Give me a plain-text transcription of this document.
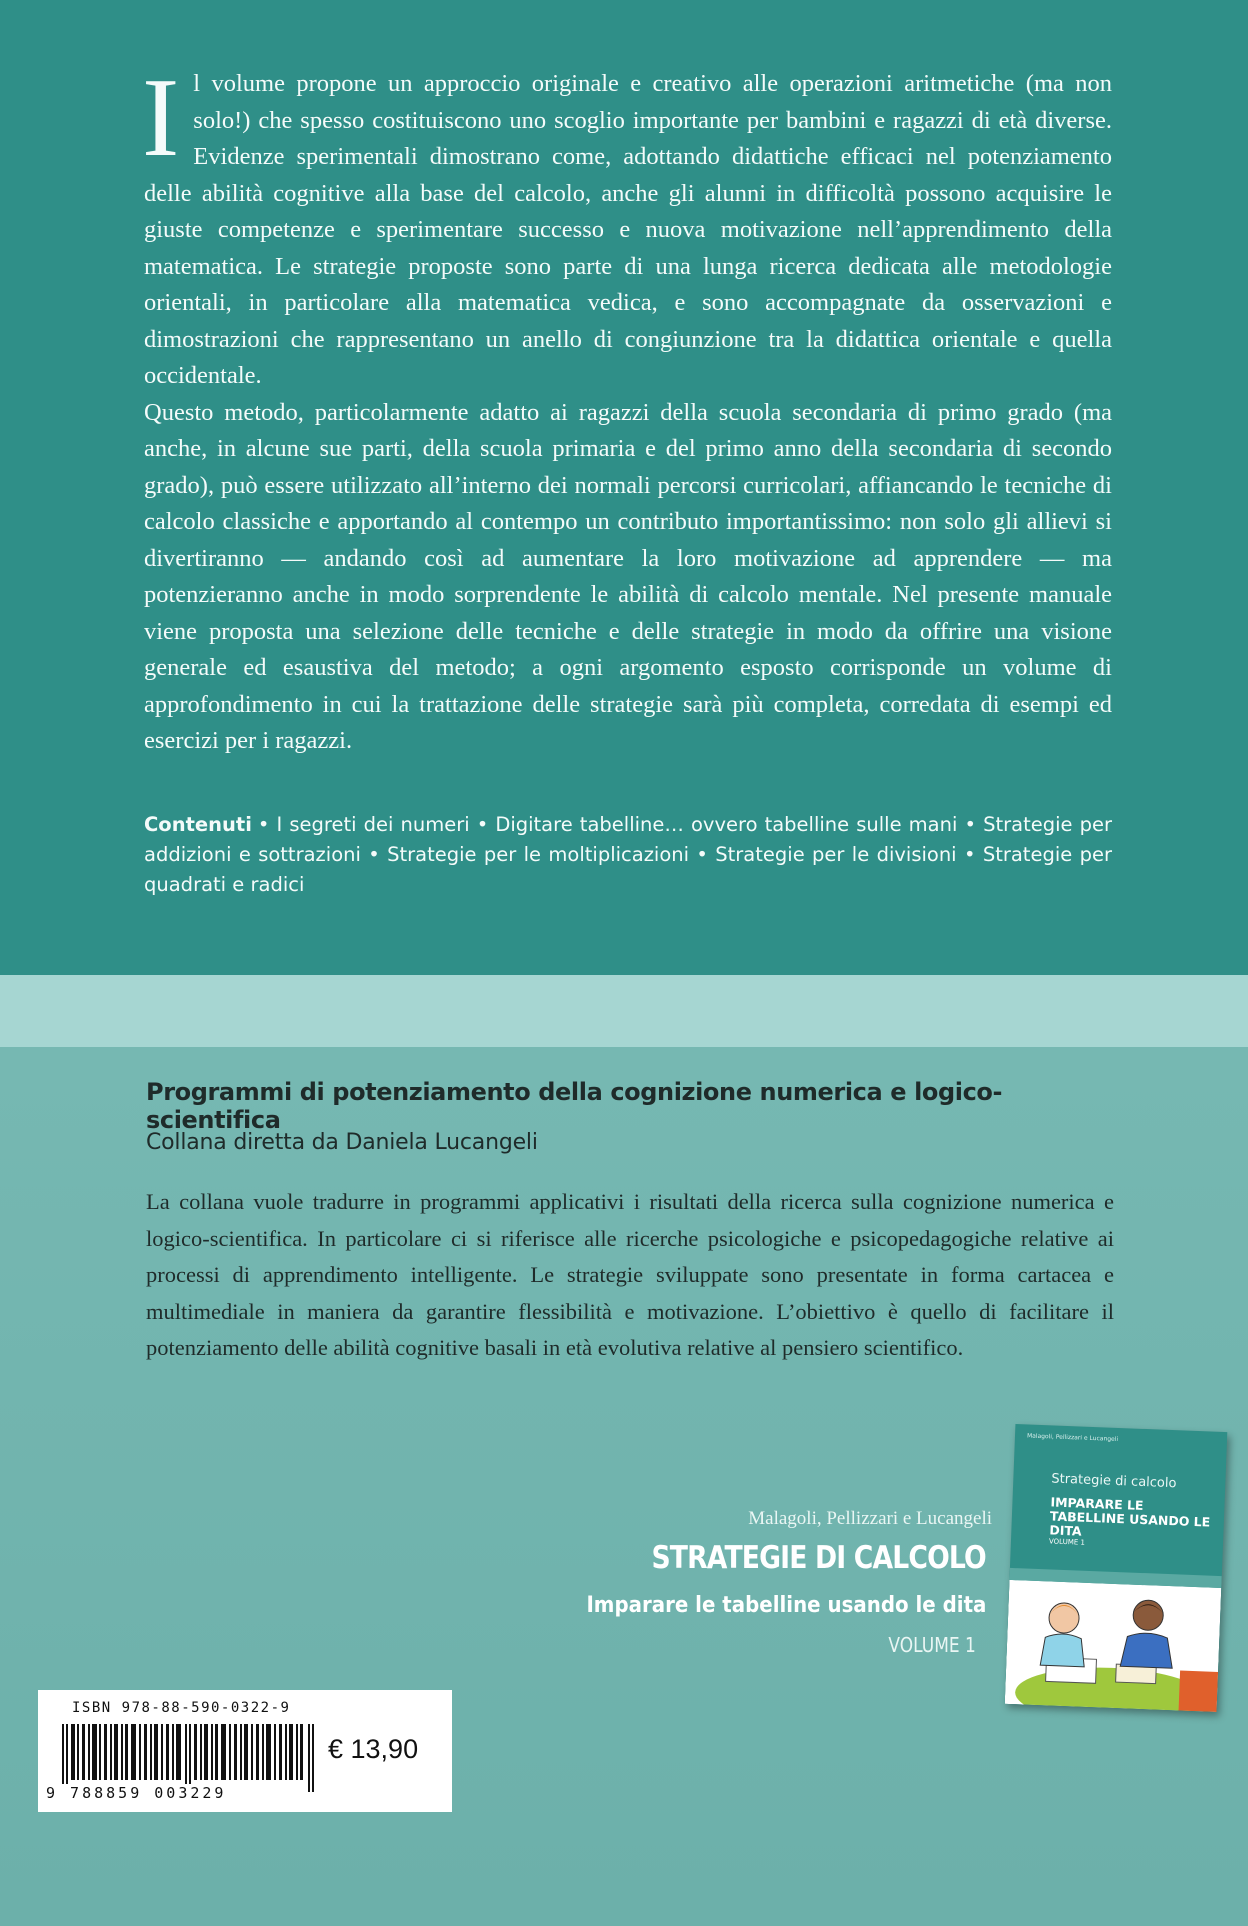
I l volume propone un approccio originale e creativo alle operazioni aritmetiche (ma non solo!) che spesso costituiscono uno scoglio importante per bambini e ragazzi di età diverse. Evidenze sperimentali dimostrano come, adottando didattiche efficaci nel potenziamento delle abilità cognitive alla base del calcolo, anche gli alunni in difficoltà possono acquisire le giuste competenze e sperimentare successo e nuova motivazione nell’apprendimento della matematica. Le strategie proposte sono parte di una lunga ricerca dedicata alle metodologie orientali, in particolare alla matematica vedica, e sono accompagnate da osservazioni e dimostrazioni che rappresentano un anello di congiunzione tra la didattica orientale e quella occidentale.

Questo metodo, particolarmente adatto ai ragazzi della scuola secondaria di primo grado (ma anche, in alcune sue parti, della scuola primaria e del primo anno della secondaria di secondo grado), può essere utilizzato all’interno dei normali percorsi curricolari, affiancando le tecniche di calcolo classiche e apportando al contempo un contributo importantissimo: non solo gli allievi si divertiranno — andando così ad aumentare la loro motivazione ad apprendere — ma potenzieranno anche in modo sorprendente le abilità di calcolo mentale. Nel presente manuale viene proposta una selezione delle tecniche e delle strategie in modo da offrire una visione generale ed esaustiva del metodo; a ogni argomento esposto corrisponde un volume di approfondimento in cui la trattazione delle strategie sarà più completa, corredata di esempi ed esercizi per i ragazzi.

Contenuti • I segreti dei numeri • Digitare tabelline… ovvero tabelline sulle mani • Strategie per addizioni e sottrazioni • Strategie per le moltiplicazioni • Strategie per le divisioni • Strategie per quadrati e radici
Programmi di potenziamento della cognizione numerica e logico-scientifica
Collana diretta da Daniela Lucangeli
La collana vuole tradurre in programmi applicativi i risultati della ricerca sulla cognizione numerica e logico-scientifica. In particolare ci si riferisce alle ricerche psicologiche e psicopedagogiche relative ai processi di apprendimento intelligente. Le strategie sviluppate sono presentate in forma cartacea e multimediale in maniera da garantire flessibilità e motivazione. L’obiettivo è quello di facilitare il potenziamento delle abilità cognitive basali in età evolutiva relative al pensiero scientifico.
Malagoli, Pellizzari e Lucangeli
STRATEGIE DI CALCOLO
Imparare le tabelline usando le dita
VOLUME 1
Malagoli, Pellizzari e Lucangeli
Strategie di calcolo
IMPARARE LE TABELLINE USANDO LE DITA
VOLUME 1
ISBN 978-88-590-0322-9
9 788859 003229
€ 13,90
